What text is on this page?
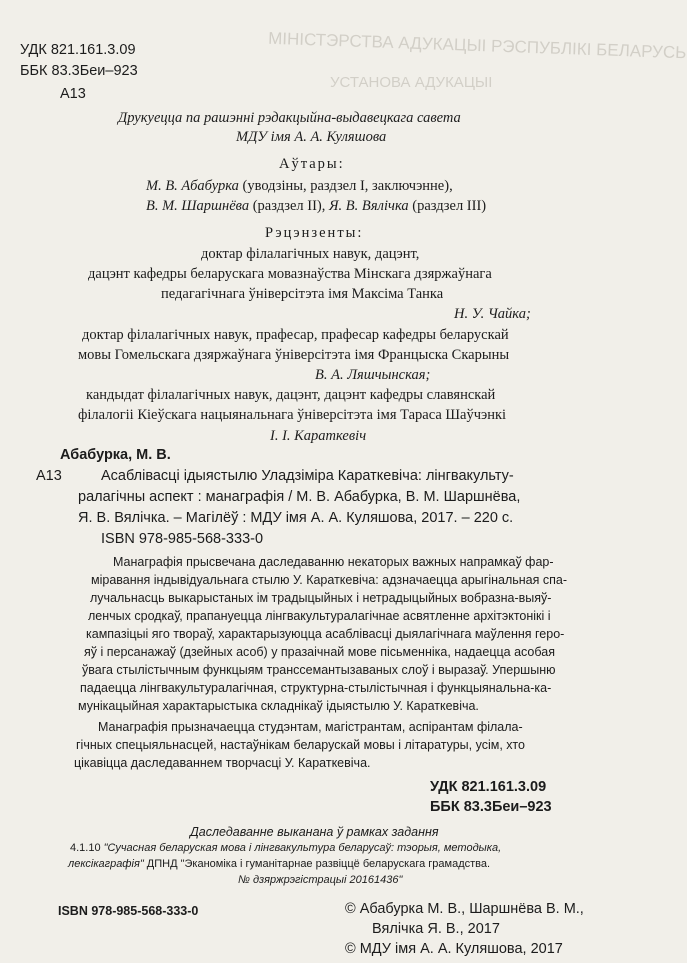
МІНІСТЭРСТВА АДУКАЦЫІ РЭСПУБЛІКІ БЕЛАРУСЬ
УСТАНОВА АДУКАЦЫІ
УДК 821.161.3.09
ББК 83.3Беи–923
А13
Друкуецца па рашэнні рэдакцыйна-выдавецкага савета
МДУ імя А. А. Куляшова
Аўтары:
М. В. Абабурка (уводзіны, раздзел I, заключэнне),
В. М. Шаршнёва (раздзел II), Я. В. Вялічка (раздзел III)
Рэцэнзенты:
доктар філалагічных навук, дацэнт,
дацэнт кафедры беларускага мовазнаўства Мінскага дзяржаўнага
педагагічнага ўніверсітэта імя Максіма Танка
Н. У. Чайка;
доктар філалагічных навук, прафесар, прафесар кафедры беларускай
мовы Гомельскага дзяржаўнага ўніверсітэта імя Францыска Скарыны
В. А. Ляшчынская;
кандыдат філалагічных навук, дацэнт, дацэнт кафедры славянскай
філалогіі Кіеўскага нацыянальнага ўніверсітэта імя Тараса Шаўчэнкі
І. І. Караткевіч
Абабурка, М. В.
А13	Асаблівасці ідыястылю Уладзіміра Караткевіча: лінгвакульту-
ралагічны аспект : манаграфія / М. В. Абабурка, В. М. Шаршнёва,
Я. В. Вялічка. – Магілёў : МДУ імя А. А. Куляшова, 2017. – 220 с.
ISBN 978-985-568-333-0
Манаграфія прысвечана даследаванню некаторых важных напрамкаў фар-
міравання індывідуальнага стылю У. Караткевіча: адзначаецца арыгінальная спа-
лучальнасць выкарыстаных ім традыцыйных і нетрадыцыйных вобразна-выяў-
ленчых сродкаў, прапануецца лінгвакультуралагічнае асвятленне архітэктонікі і
кампазіцыі яго твораў, характарызуюцца асаблівасці дыялагічнага маўлення геро-
яў і персанажаў (дзейных асоб) у празаічнай мове пісьменніка, надаецца асобая
ўвага стылістычным функцыям транссемантызаваных слоў і выразаў. Упершыню
падаецца лінгвакультуралагічная, структурна-стылістычная і функцыянальна-ка-
мунікацыйная характарыстыка складнікаў ідыястылю У. Караткевіча.
Манаграфія прызначаецца студэнтам, магістрантам, аспірантам філала-
гічных спецыяльнасцей, настаўнікам беларускай мовы і літаратуры, усім, хто
цікавіцца даследаваннем творчасці У. Караткевіча.
УДК 821.161.3.09
ББК 83.3Беи–923
Даследаванне выканана ў рамках задання
4.1.10 "Сучасная беларуская мова і лінгвакультура беларусаў: тэорыя, методыка,
лексікаграфія" ДПНД "Эканоміка і гуманітарнае развіццё беларускага грамадства.
№ дзяржрэгістрацыі 20161436"
ISBN 978-985-568-333-0	© Абабурка М. В., Шаршнёва В. М.,
Вялічка Я. В., 2017
© МДУ імя А. А. Куляшова, 2017
